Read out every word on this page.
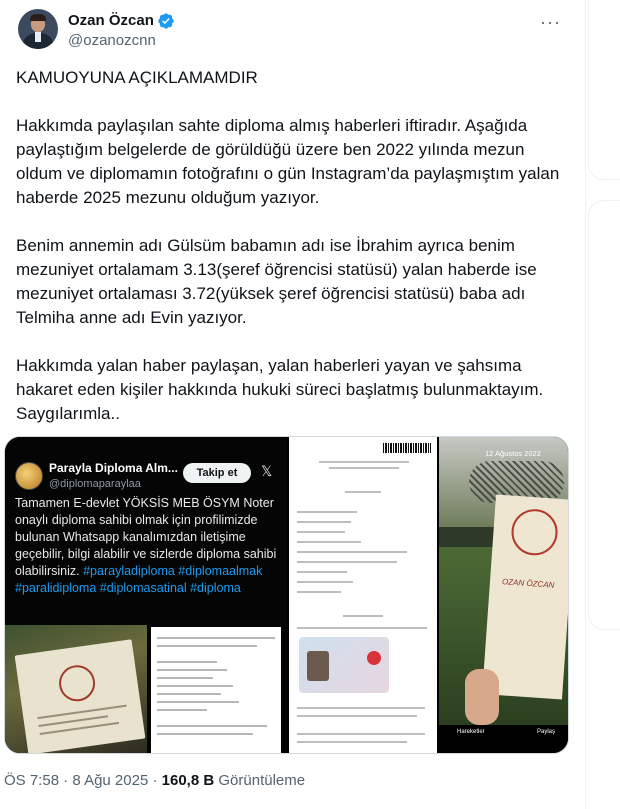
Ozan Özcan
@ozanozcnn
···

KAMUOYUNA AÇIKLAMAMDIR

Hakkımda paylaşılan sahte diploma almış haberleri iftiradır. Aşağıda paylaştığım belgelerde de görüldüğü üzere ben 2022 yılında mezun oldum ve diplomamın fotoğrafını o gün Instagram’da paylaşmıştım yalan haberde 2025 mezunu olduğum yazıyor.

Benim annemin adı Gülsüm babamın adı ise İbrahim ayrıca benim mezuniyet ortalamam 3.13(şeref öğrencisi statüsü) yalan haberde ise mezuniyet ortalaması 3.72(yüksek şeref öğrencisi statüsü) baba adı Telmiha anne adı Evin yazıyor.

Hakkımda yalan haber paylaşan, yalan haberleri yayan ve şahsıma hakaret eden kişiler hakkında hukuki süreci başlatmış bulunmaktayım. Saygılarımla..

Parayla Diploma Alm...
@diplomaparaylaa
Takip et	𝕏
Tamamen E-devlet YÖKSİS MEB ÖSYM Noter onaylı diploma sahibi olmak için profilimizde bulunan Whatsapp kanalımızdan iletişime geçebilir, bilgi alabilir ve sizlerde diploma sahibi olabilirsiniz. #parayladiploma #diplomaalmak #paralidiploma #diplomasatinal #diploma
12 Ağustos 2022
OZAN ÖZCAN
Hareketler	Paylaş
ÖS 7:58 · 8 Ağu 2025 · 160,8 B Görüntüleme
